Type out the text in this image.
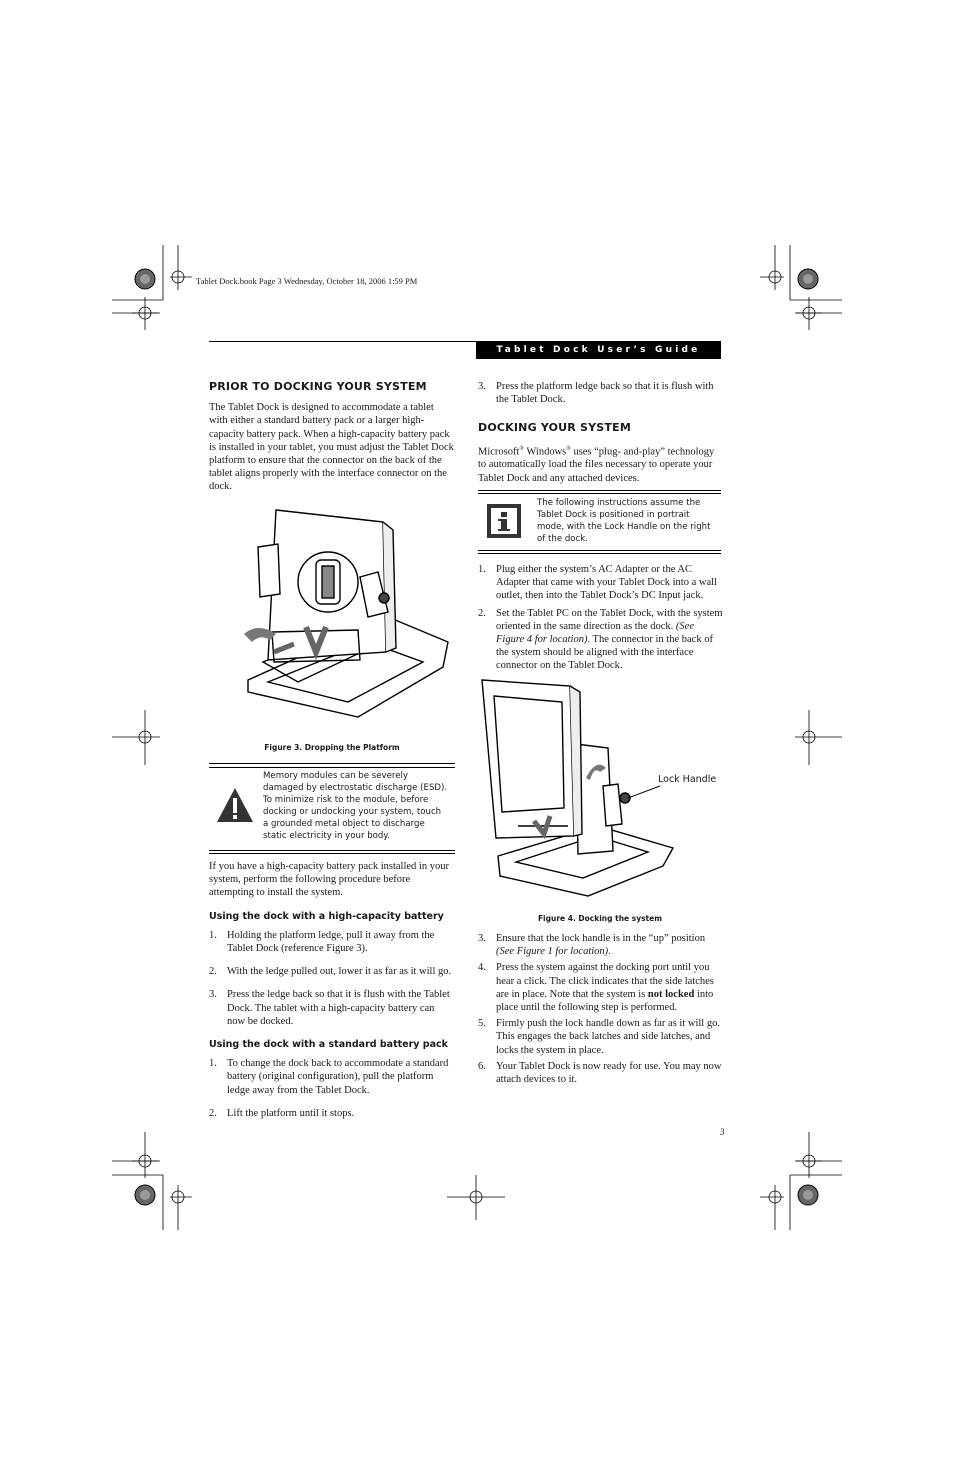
Tablet Dock.book Page 3 Wednesday, October 18, 2006 1:59 PM
Tablet Dock User’s Guide
PRIOR TO DOCKING YOUR SYSTEM

The Tablet Dock is designed to accommodate a tablet with either a standard battery pack or a larger high-capacity battery pack. When a high-capacity battery pack is installed in your tablet, you must adjust the Tablet Dock platform to ensure that the connector on the back of the tablet aligns properly with the interface connector on the dock.

Figure 3. Dropping the Platform
Memory modules can be severely damaged by electrostatic discharge (ESD). To minimize risk to the module, before docking or undocking your system, touch a grounded metal object to discharge static electricity in your body.

If you have a high-capacity battery pack installed in your system, perform the following procedure before attempting to install the system.

Using the dock with a high-capacity battery
1. Holding the platform ledge, pull it away from the Tablet Dock (reference Figure 3).
2. With the ledge pulled out, lower it as far as it will go.
3. Press the ledge back so that it is flush with the Tablet Dock. The tablet with a high-capacity battery can now be docked.
Using the dock with a standard battery pack
1. To change the dock back to accommodate a standard battery (original configuration), pull the platform ledge away from the Tablet Dock.
2. Lift the platform until it stops.
3. Press the platform ledge back so that it is flush with the Tablet Dock.
DOCKING YOUR SYSTEM

Microsoft® Windows® uses “plug- and-play” technology to automatically load the files necessary to operate your Tablet Dock and any attached devices.

The following instructions assume the Tablet Dock is positioned in portrait mode, with the Lock Handle on the right of the dock.
1. Plug either the system’s AC Adapter or the AC Adapter that came with your Tablet Dock into a wall outlet, then into the Tablet Dock’s DC Input jack.
2. Set the Tablet PC on the Tablet Dock, with the system oriented in the same direction as the dock. (See Figure 4 for location). The connector in the back of the system should be aligned with the interface connector on the Tablet Dock.
Lock Handle
Figure 4. Docking the system
3. Ensure that the lock handle is in the “up” position (See Figure 1 for location).
4. Press the system against the docking port until you hear a click. The click indicates that the side latches are in place. Note that the system is not locked into place until the following step is performed.
5. Firmly push the lock handle down as far as it will go. This engages the back latches and side latches, and locks the system in place.
6. Your Tablet Dock is now ready for use. You may now attach devices to it.
3
